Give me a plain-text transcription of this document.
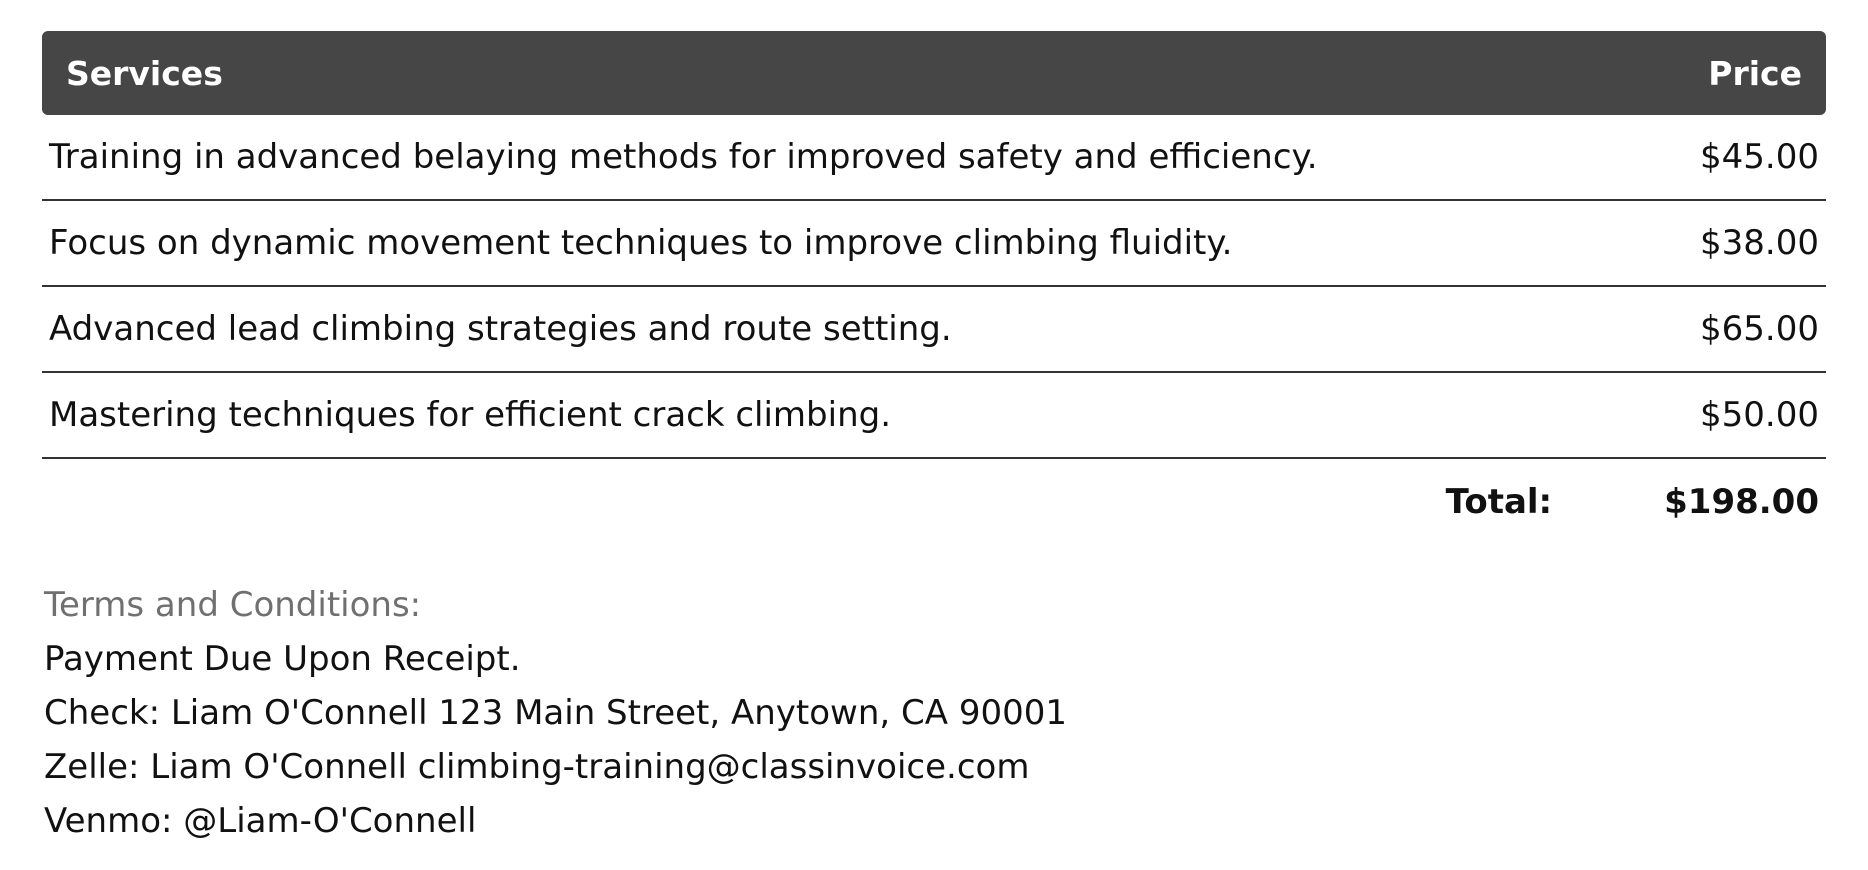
Services	Price
Training in advanced belaying methods for improved safety and efficiency.	$45.00
Focus on dynamic movement techniques to improve climbing fluidity.	$38.00
Advanced lead climbing strategies and route setting.	$65.00
Mastering techniques for efficient crack climbing.	$50.00
Total:	$198.00
Terms and Conditions:
Payment Due Upon Receipt.
Check: Liam O'Connell 123 Main Street, Anytown, CA 90001
Zelle: Liam O'Connell climbing-training@classinvoice.com
Venmo: @Liam-O'Connell
